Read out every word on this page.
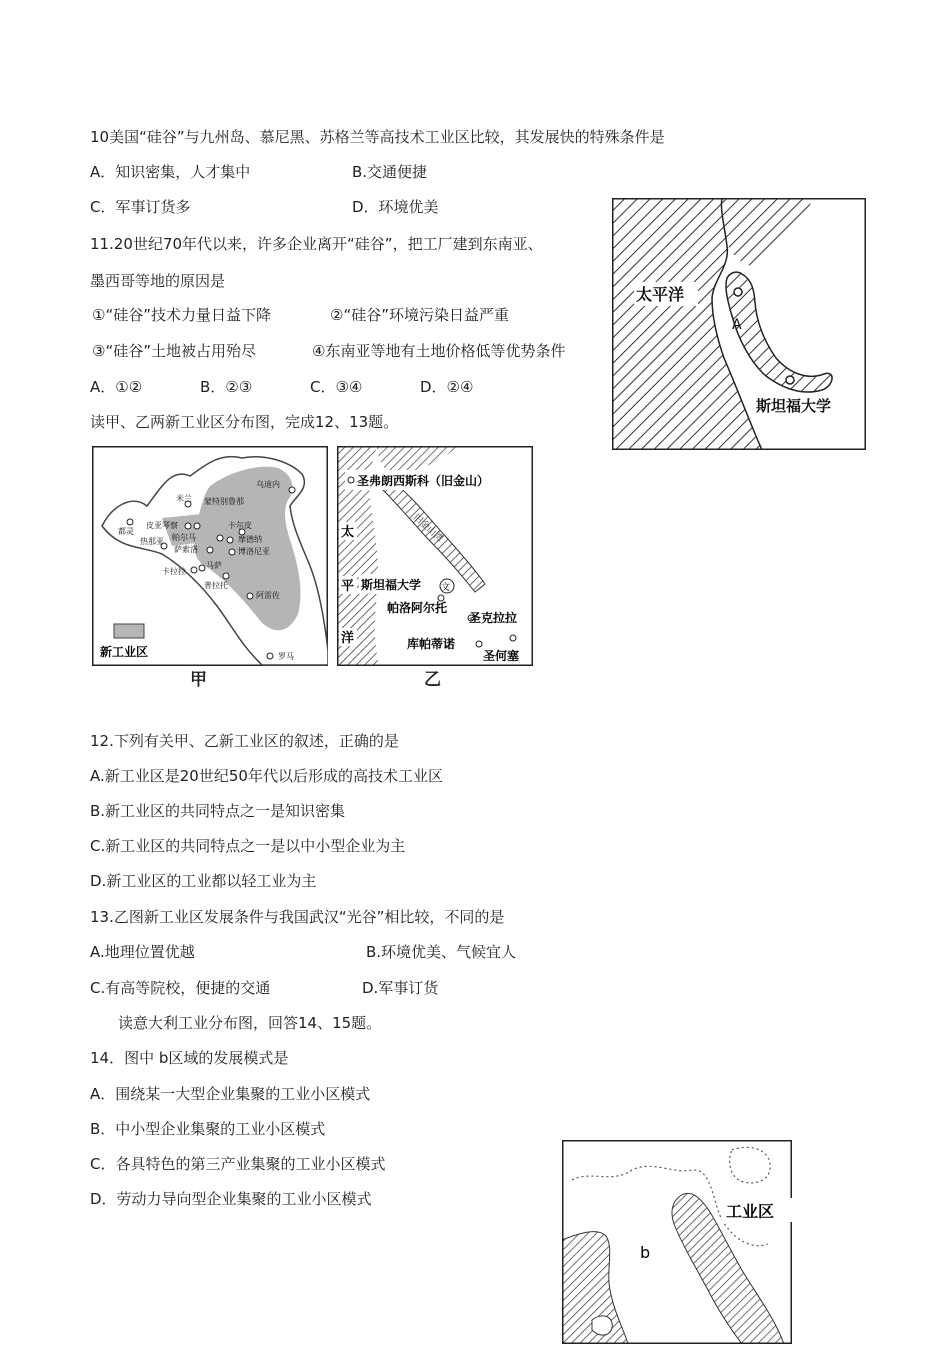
10美国“硅谷”与九州岛、慕尼黑、苏格兰等高技术工业区比较，其发展快的特殊条件是
A．知识密集，人才集中	B.交通便捷
C．军事订货多	D．环境优美
11.20世纪70年代以来，许多企业离开“硅谷”，把工厂建到东南亚、
墨西哥等地的原因是
①“硅谷”技术力量日益下降	②“硅谷”环境污染日益严重
③“硅谷”土地被占用殆尽	④东南亚等地有土地价格低等优势条件
A．①②	B．②③	C．③④	D．②④
太平洋
A
斯坦福大学
读甲、乙两新工业区分布图，完成12、13题。
新工业区
乌迪内
米兰 蒙特别鲁那
都灵
皮亚琴察	卡尔皮
帕尔马	摩德纳
热那亚
萨索洛	博洛尼亚
卡拉拉
马萨
普拉托
阿雷佐
罗马
甲
圣弗朗西斯科（旧金山）
旧金山湾
太
平
洋
斯坦福大学 文
帕洛阿尔托
圣克拉拉
库帕蒂诺
圣何塞
乙
12.下列有关甲、乙新工业区的叙述，正确的是
A.新工业区是20世纪50年代以后形成的高技术工业区
B.新工业区的共同特点之一是知识密集
C.新工业区的共同特点之一是以中小型企业为主
D.新工业区的工业都以轻工业为主
13.乙图新工业区发展条件与我国武汉“光谷”相比较，不同的是
A.地理位置优越	B.环境优美、气候宜人
C.有高等院校，便捷的交通	D.军事订货
读意大利工业分布图，回答14、15题。
14．图中 b区域的发展模式是
A．围绕某一大型企业集聚的工业小区模式
B．中小型企业集聚的工业小区模式
C．各具特色的第三产业集聚的工业小区模式
D．劳动力导向型企业集聚的工业小区模式
工业区
b
